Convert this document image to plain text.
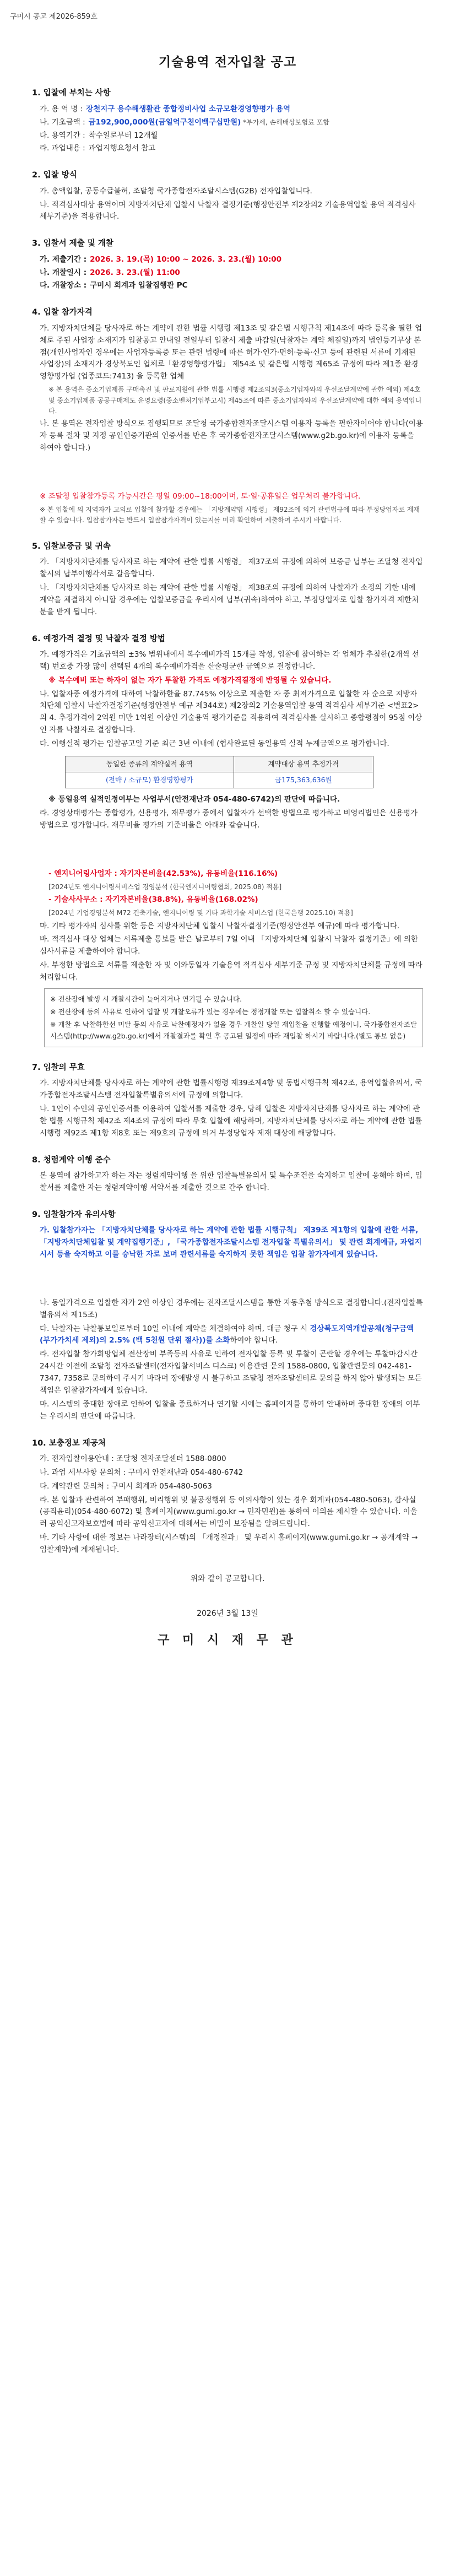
구미시 공고 제2026-859호
기술용역 전자입찰 공고
1. 입찰에 부치는 사항
가. 용 역 명 : 장천지구 용수해생활관 종합정비사업 소규모환경영향평가 용역
나. 기초금액 : 금192,900,000원(금일억구천이백구십만원) *부가세, 손해배상보험료 포함
다. 용역기간 : 착수일로부터 12개월
라. 과업내용 : 과업지행요청서 참고
2. 입찰 방식

가. 총액입찰, 공동수급불허, 조달청 국가종합전자조달시스템(G2B) 전자입찰입니다.

나. 적격심사대상 용역이며 지방자치단체 입찰시 낙찰자 결정기준(행정안전부 제2장의2 기술용역입찰 용역 적격심사 세부기준)을 적용합니다.

3. 입찰서 제출 및 개찰
가. 제출기간 : 2026. 3. 19.(목) 10:00 ~ 2026. 3. 23.(월) 10:00
나. 개찰일시 : 2026. 3. 23.(월) 11:00
다. 개찰장소 : 구미시 회계과 입찰집행관 PC
4. 입찰 참가자격

가. 지방자치단체를 당사자로 하는 계약에 관한 법률 시행령 제13조 및 같은법 시행규칙 제14조에 따라 등록을 필한 업체로 주된 사업장 소재지가 입찰공고 안내일 전일부터 입찰서 제출 마감일(낙찰자는 계약 체결일)까지 법인등기부상 본점(개인사업자인 경우에는 사업자등록증 또는 관련 법령에 따른 허가·인가·면허·등록·신고 등에 관련된 서류에 기재된 사업장)의 소재지가 경상북도인 업체로「환경영향평가법」 제54조 및 같은법 시행령 제65조 규정에 따라 제1종 환경영향평가업 (업종코드:7413) 을 등록한 업체

※ 본 용역은 중소기업제품 구매촉진 및 판로지원에 관한 법률 시행령 제2조의3(중소기업자와의 우선조달계약에 관한 예외) 제4호 및 중소기업제품 공공구매제도 운영요령(중소벤처기업부고시) 제45조에 따른 중소기업자와의 우선조달계약에 대한 예외 용역입니다.

나. 본 용역은 전자입찰 방식으로 집행되므로 조달청 국가종합전자조달시스템 이용자 등록을 필한자이어야 합니다(이용자 등록 절차 및 지정 공인인증기관의 인증서를 반은 후 국가종합전자조달시스템(www.g2b.go.kr)에 이용자 등록을 하여야 합니다.)

※ 조달청 입찰참가등록 가능시간은 평일 09:00~18:00이며, 토·일·공휴일은 업무처리 불가합니다.

※ 본 입찰에 의 지역자가 고의로 입찰에 참가할 경우에는 「지방계약법 시행령」 제92조에 의거 관련법규에 따라 부정당업자로 제재할 수 있습니다. 입찰참가자는 반드시 입찰참가자격이 있는지를 미리 확인하여 제출하여 주시기 바랍니다.

5. 입찰보증금 및 귀속

가. 「지방자치단체를 당사자로 하는 계약에 관한 법률 시행령」 제37조의 규정에 의하여 보증금 납부는 조달청 전자입찰시의 납부이행각서로 갈음합니다.

나. 「지방자치단체를 당사자로 하는 계약에 관한 법률 시행령」 제38조의 규정에 의하여 낙찰자가 소정의 기한 내에 계약을 체결하지 아니할 경우에는 입찰보증금을 우리시에 납부(귀속)하여야 하고, 부정당업자로 입찰 참가자격 제한처분을 받게 됩니다.

6. 예정가격 결정 및 낙찰자 결정 방법

가. 예정가격은 기초금액의 ±3% 범위내에서 복수예비가격 15개를 작성, 입찰에 참여하는 각 업체가 추첨한(2개씩 선택) 번호중 가장 많이 선택된 4개의 복수예비가격을 산술평균한 금액으로 결정합니다.

※ 복수예비 또는 하자이 없는 자가 투찰한 가격도 예정가격결정에 반영될 수 있습니다.

나. 입찰자중 예정가격에 대하여 낙찰하한율 87.745% 이상으로 제출한 자 중 최저가격으로 입찰한 자 순으로 지방자치단체 입찰시 낙찰자결정기준(행정안전부 예규 제344호) 제2장의2 기술용역입찰 용역 적격심사 세부기준 <별표2>의 4. 추정가격이 2억원 미만 1억원 이상인 기술용역 평가기준을 적용하여 적격심사를 실시하고 종합평점이 95점 이상인 자를 낙찰자로 결정합니다.

다. 이행실적 평가는 입찰공고일 기준 최근 3년 이내에 (협사완료된 동일용역 실적 누계금액으로 평가합니다.

동일한 종류의 계약실적 용역	계약대상 용역 추정가격
(전략 / 소규모) 환경영향평가	금175,363,636원

※ 동일용역 실적인정여부는 사업부서(안전재난과 054-480-6742)의 판단에 따릅니다.

라. 경영상태평가는 종합평가, 신용평가, 재무평가 중에서 입찰자가 선택한 방법으로 평가하고 비영리법인은 신용평가방법으로 평가합니다. 재무비율 평가의 기준비율은 아래와 같습니다.

- 엔지니어링사업자 : 자기자본비율(42.53%), 유동비율(116.16%)

[2024년도 엔지니어링서비스업 경영분석 (한국엔지니어링협회, 2025.08) 적용]

- 기술사사무소 : 자기자본비율(38.8%), 유동비율(168.02%)

[2024년 기업경영분석 M72 건축기술, 엔지니어링 및 기타 과학기술 서비스업 (한국은행 2025.10) 적용]

마. 기타 평가자의 심사를 위한 등은 지방자치단체 입찰시 낙찰자결정기준(행정안전부 예규)에 따라 평가합니다.

바. 적격심사 대상 업체는 서류제출 통보를 받은 날로부터 7일 이내 「지방자치단체 입찰시 낙찰자 결정기준」에 의한 심사서류를 제출하여야 합니다.

사. 부정한 방법으로 서류를 제출한 자 및 이와동일자 기술용역 적격심사 세부기준 규정 및 지방자치단체를 규정에 따라 처리합니다.

※ 전산장애 발생 시 개찰시간이 늦어지거나 연기될 수 있습니다.

※ 전산장애 등의 사유로 인하여 입찰 및 개찰오류가 있는 경우에는 정정개찰 또는 입찰취소 할 수 있습니다.

※ 개찰 후 낙찰하한선 미달 등의 사유로 낙찰예정자가 없을 경우 개찰일 당일 재입찰을 진행할 예정이니, 국가종합전자조달시스템(http://www.g2b.go.kr)에서 개찰결과를 확인 후 공고된 일정에 따라 재입찰 하시기 바랍니다.(별도 통보 없음)

7. 입찰의 무효

가. 지방자치단체를 당사자로 하는 계약에 관한 법률시행령 제39조제4항 및 동법시행규칙 제42조, 용역입찰유의서, 국가종합전자조달시스템 전자입찰특별유의서에 규정에 의합니다.

나. 1인이 수인의 공인인증서를 이용하여 입찰서를 제출한 경우, 당해 입찰은 지방자치단체를 당사자로 하는 계약에 관한 법률 시행규칙 제42조 제4조의 규정에 따라 무효 입찰에 해당하며, 지방자치단체를 당사자로 하는 계약에 관한 법률 시행령 제92조 제1항 제8호 또는 제9호의 규정에 의거 부정당업자 제재 대상에 해당합니다.

8. 청렴계약 이행 준수

본 용역에 참가하고자 하는 자는 청렴계약이행 을 위한 입찰특별유의서 및 특수조건을 숙지하고 입찰에 응해야 하며, 입찰서를 제출한 자는 청렴계약이행 서약서를 제출한 것으로 간주 합니다.

9. 입찰참가자 유의사항

가. 입찰참가자는 「지방자치단체를 당사자로 하는 계약에 관한 법률 시행규칙」 제39조 제1항의 입찰에 관한 서류, 「지방자치단체입찰 및 계약집행기준」, 「국가종합전자조달시스템 전자입찰 특별유의서」 및 관련 회계예규, 과업지시서 등을 숙지하고 이를 승낙한 자로 보며 관련서류를 숙지하지 못한 책임은 입찰 참가자에게 있습니다.

나. 동일가격으로 입찰한 자가 2인 이상인 경우에는 전자조달시스템을 통한 자동추첨 방식으로 결정합니다.(전자입찰특별유의서 제15조)

다. 낙찰자는 낙찰통보일로부터 10일 이내에 계약을 체결하여야 하며, 대금 청구 시 경상북도지역개발공채(청구금액(부가가치세 제외)의 2.5% (백 5천원 단위 절사))를 소화하여야 합니다.

라. 전자입찰 참가희망업체 전산장비 부족등의 사유로 인하여 전자입찰 등록 및 투찰이 곤란할 경우에는 투찰마감시간 24시간 이전에 조달청 전자조달센터(전자입찰서비스 디스크) 이용관련 문의 1588-0800, 입찰관련문의 042-481-7347, 7358로 문의하여 주시기 바라며 장애발생 시 불구하고 조달청 전자조달센터로 문의를 하지 않아 발생되는 모든 책임은 입찰참가자에게 있습니다.

마. 시스템의 중대한 장애로 인하여 입찰을 종료하거나 연기할 시에는 홈페이지를 통하여 안내하며 중대한 장애의 여부는 우리시의 판단에 따릅니다.

10. 보충정보 제공처

가. 전자입찰이용안내 : 조달청 전자조달센터 1588-0800

나. 과업 세부사항 문의처 : 구미시 안전재난과 054-480-6742

다. 계약관련 문의처 : 구미시 회계과 054-480-5063

라. 본 입찰과 관련하여 부패행위, 비리행위 및 불공정행위 등 이의사항이 있는 경우 회계과(054-480-5063), 감사실(공직윤리)(054-480-6072) 및 홈페이지(www.gumi.go.kr → 민자민원)를 통하여 이의를 제시할 수 있습니다. 이울러 공익신고자보호법에 따라 공익신고자에 대해서는 비밀이 보장됨을 알려드립니다.

마. 기타 사항에 대한 정보는 나라장터(시스템)의 「개정결과」 및 우리시 홈페이지(www.gumi.go.kr → 공개계약 → 입찰계약)에 게재됩니다.

위와 같이 공고합니다.
2026년 3월 13일
구 미 시 재 무 관
